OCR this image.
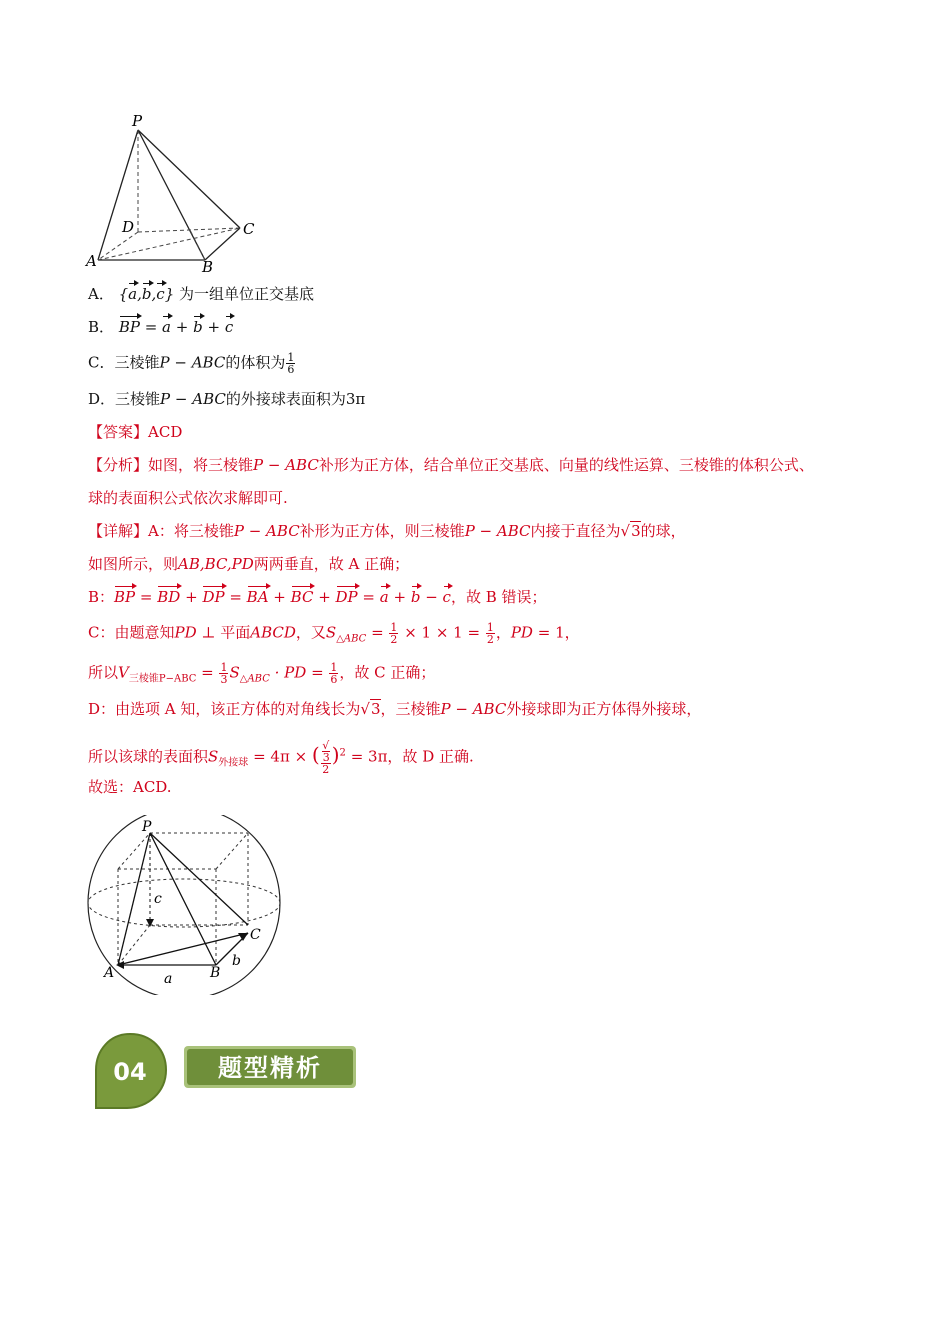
P
D	C
A	B
A． {a,b,c} 为一组单位正交基底
B． BP = a + b + c
C．三棱锥P − ABC的体积为 $\frac{1}{6}$
D．三棱锥P − ABC的外接球表面积为3π
【答案】ACD
【分析】如图，将三棱锥P − ABC补形为正方体，结合单位正交基底、向量的线性运算、三棱锥的体积公式、
球的表面积公式依次求解即可.
【详解】A：将三棱锥P − ABC补形为正方体，则三棱锥P − ABC内接于直径为√3的球，
如图所示，则AB,BC,PD两两垂直，故 A 正确；
B：BP = BD + DP = BA + BC + DP = a + b − c，故 B 错误；
C：由题意知PD ⊥ 平面ABCD，又$S_{\triangle ABC} = \frac{1}{2} \times 1 \times 1 = \frac{1}{2}$ ，PD = 1，
所以$V_{三棱锥P-ABC} = \frac{1}{3} S_{\triangle ABC}$ · PD = $\frac{1}{6}$ ，故 C 正确；
D：由选项 A 知，该正方体的对角线长为√3，三棱锥P − ABC外接球即为正方体得外接球，
所以该球的表面积$S_{外接球} = 4\pi$ × ( √
3
2 )$^2$ = 3π，故 D 正确.
故选：ACD.
P
A	B
C
a
b
c
04	题型精析
